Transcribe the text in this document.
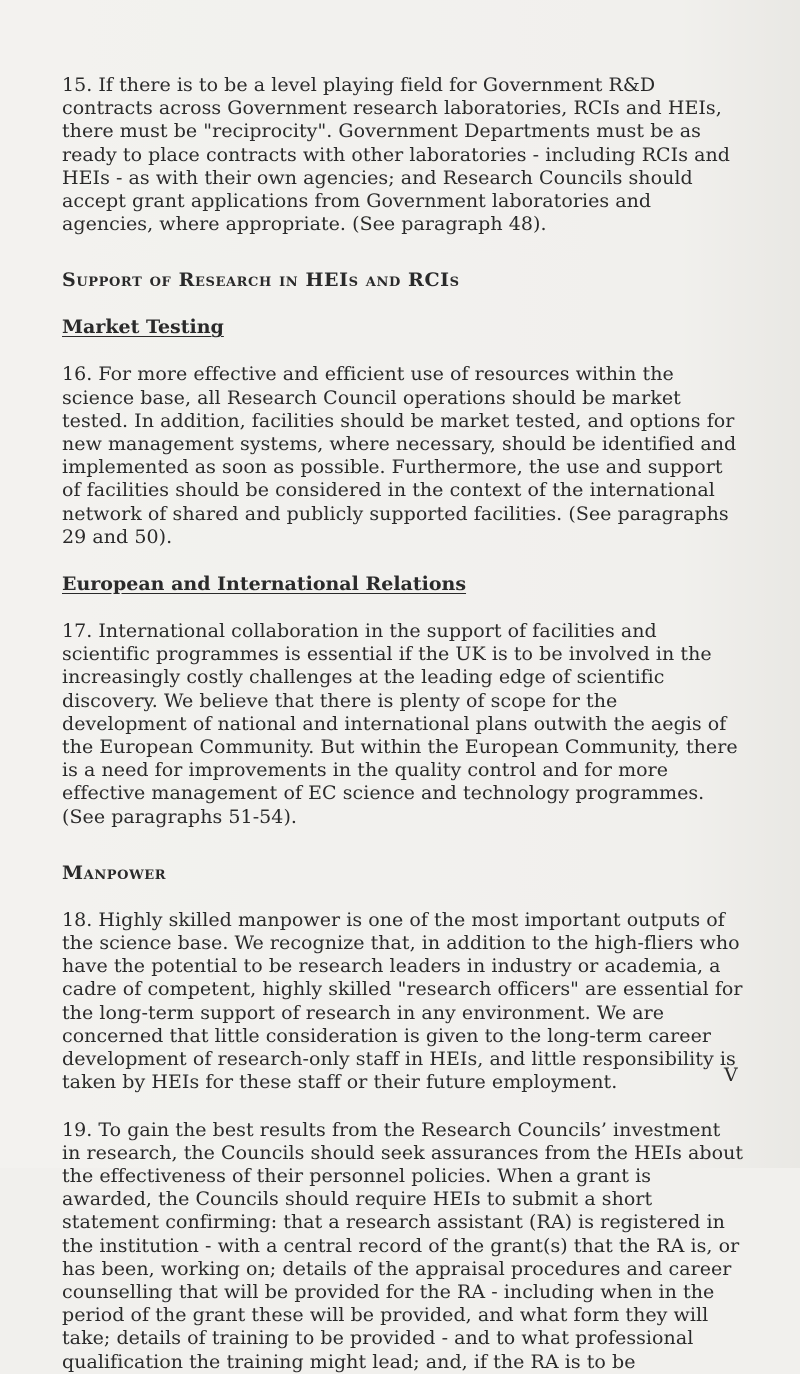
15. If there is to be a level playing field for Government R&D contracts across Government research laboratories, RCIs and HEIs, there must be "reciprocity". Government Departments must be as ready to place contracts with other laboratories - including RCIs and HEIs - as with their own agencies; and Research Councils should accept grant applications from Government laboratories and agencies, where appropriate. (See paragraph 48).

Support of Research in HEIs and RCIs
Market Testing

16. For more effective and efficient use of resources within the science base, all Research Council operations should be market tested. In addition, facilities should be market tested, and options for new management systems, where necessary, should be identified and implemented as soon as possible. Furthermore, the use and support of facilities should be considered in the context of the international network of shared and publicly supported facilities. (See paragraphs 29 and 50).

European and International Relations

17. International collaboration in the support of facilities and scientific programmes is essential if the UK is to be involved in the increasingly costly challenges at the leading edge of scientific discovery. We believe that there is plenty of scope for the development of national and international plans outwith the aegis of the European Community. But within the European Community, there is a need for improvements in the quality control and for more effective management of EC science and technology programmes. (See paragraphs 51-54).

Manpower

18. Highly skilled manpower is one of the most important outputs of the science base. We recognize that, in addition to the high-fliers who have the potential to be research leaders in industry or academia, a cadre of competent, highly skilled "research officers" are essential for the long-term support of research in any environment. We are concerned that little consideration is given to the long-term career development of research-only staff in HEIs, and little responsibility is taken by HEIs for these staff or their future employment.

19. To gain the best results from the Research Councils’ investment in research, the Councils should seek assurances from the HEIs about the effectiveness of their personnel policies. When a grant is awarded, the Councils should require HEIs to submit a short statement confirming: that a research assistant (RA) is registered in the institution - with a central record of the grant(s) that the RA is, or has been, working on; details of the appraisal procedures and career counselling that will be provided for the RA - including when in the period of the grant these will be provided, and what form they will take; details of training to be provided - and to what professional qualification the training might lead; and, if the RA is to be

V
